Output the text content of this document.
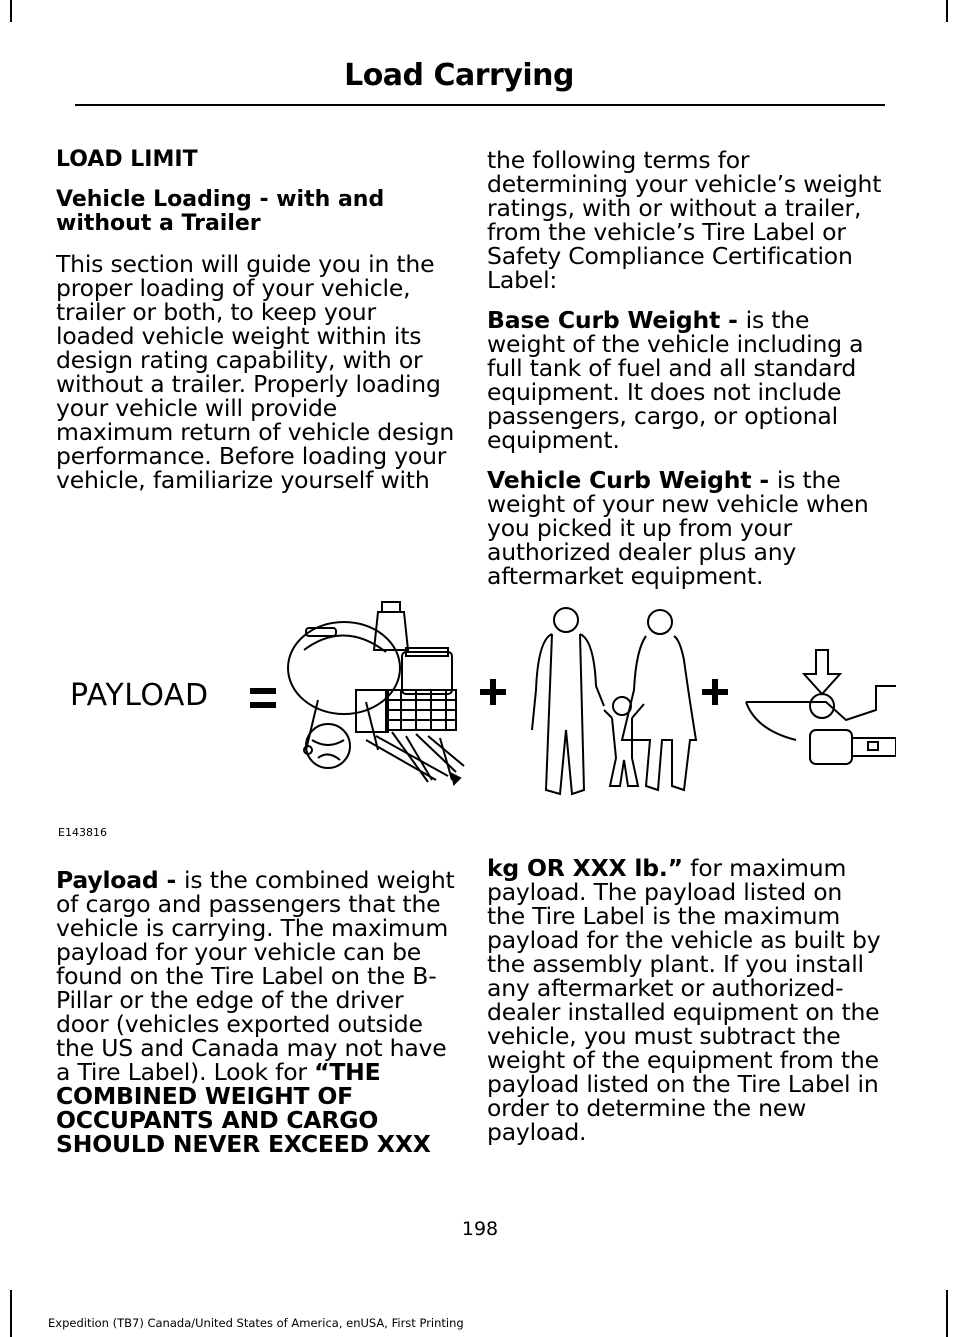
Load Carrying

LOAD LIMIT

Vehicle Loading - with and without a Trailer

This section will guide you in the proper loading of your vehicle, trailer or both, to keep your loaded vehicle weight within its design rating capability, with or without a trailer. Properly loading your vehicle will provide maximum return of vehicle design performance. Before loading your vehicle, familiarize yourself with

the following terms for determining your vehicle’s weight ratings, with or without a trailer, from the vehicle’s Tire Label or Safety Compliance Certification Label:

Base Curb Weight - is the weight of the vehicle including a full tank of fuel and all standard equipment. It does not include passengers, cargo, or optional equipment.

Vehicle Curb Weight - is the weight of your new vehicle when you picked it up from your authorized dealer plus any aftermarket equipment.

PAYLOAD
E143816

Payload - is the combined weight of cargo and passengers that the vehicle is carrying. The maximum payload for your vehicle can be found on the Tire Label on the B-Pillar or the edge of the driver door (vehicles exported outside the US and Canada may not have a Tire Label). Look for “THE COMBINED WEIGHT OF OCCUPANTS AND CARGO SHOULD NEVER EXCEED XXX

kg OR XXX lb.” for maximum payload. The payload listed on the Tire Label is the maximum payload for the vehicle as built by the assembly plant. If you install any aftermarket or authorized-dealer installed equipment on the vehicle, you must subtract the weight of the equipment from the payload listed on the Tire Label in order to determine the new payload.

198
Expedition (TB7) Canada/United States of America, enUSA, First Printing
